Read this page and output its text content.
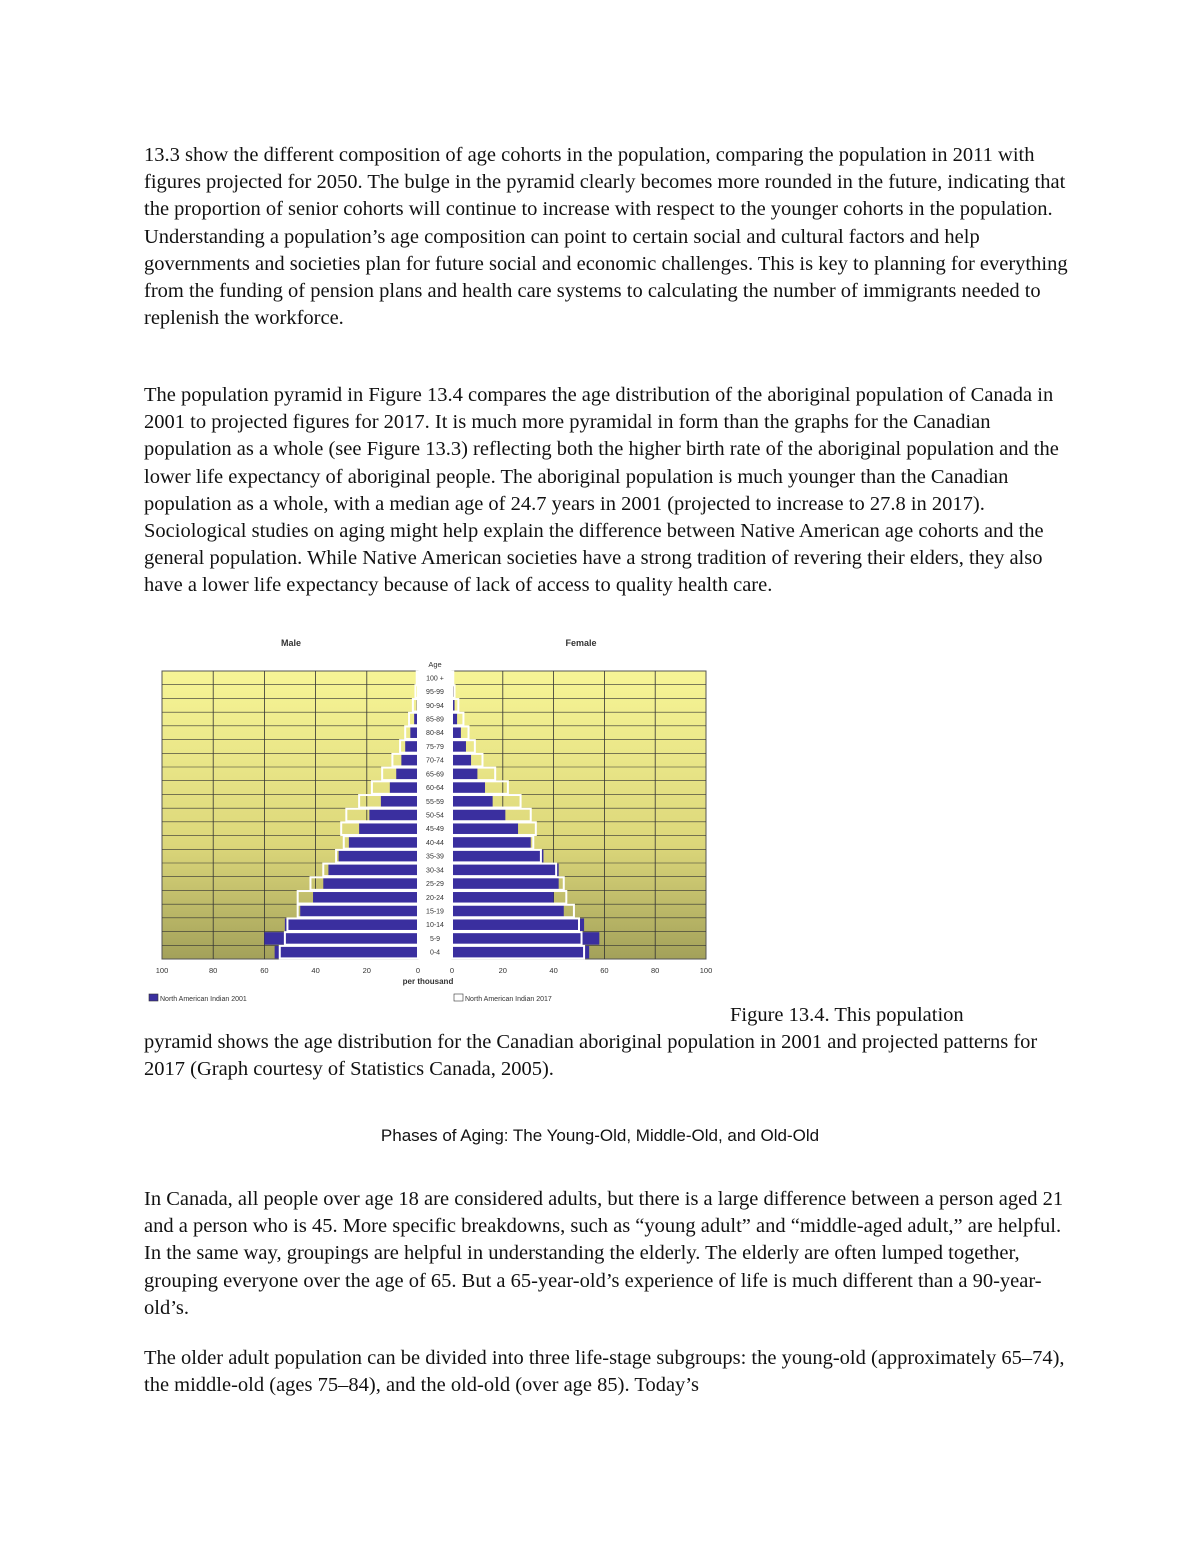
13.3 show the different composition of age cohorts in the population, comparing the population in 2011 with figures projected for 2050. The bulge in the pyramid clearly becomes more rounded in the future, indicating that the proportion of senior cohorts will continue to increase with respect to the younger cohorts in the population. Understanding a population’s age composition can point to certain social and cultural factors and help governments and societies plan for future social and economic challenges. This is key to planning for everything from the funding of pension plans and health care systems to calculating the number of immigrants needed to replenish the workforce.

The population pyramid in Figure 13.4 compares the age distribution of the aboriginal population of Canada in 2001 to projected figures for 2017. It is much more pyramidal in form than the graphs for the Canadian population as a whole (see Figure 13.3) reflecting both the higher birth rate of the aboriginal population and the lower life expectancy of aboriginal people. The aboriginal population is much younger than the Canadian population as a whole, with a median age of 24.7 years in 2001 (projected to increase to 27.8 in 2017). Sociological studies on aging might help explain the difference between Native American age cohorts and the general population. While Native American societies have a strong tradition of revering their elders, they also have a lower life expectancy because of lack of access to quality health care.

100 +
95-99
90-94
85-89
80-84
75-79
70-74
65-69
60-64
55-59
50-54
45-49
40-44
35-39
30-34
25-29
20-24
15-19
10-14
5-9
0-4
100	80	60	40	20	0	0	20	40	60	80	100
Male	Female
Age
per thousand
North American Indian 2001	North American Indian 2017

Figure 13.4. This population
pyramid shows the age distribution for the Canadian aboriginal population in 2001 and projected patterns for 2017 (Graph courtesy of Statistics Canada, 2005).

Phases of Aging: The Young-Old, Middle-Old, and Old-Old

In Canada, all people over age 18 are considered adults, but there is a large difference between a person aged 21 and a person who is 45. More specific breakdowns, such as “young adult” and “middle-aged adult,” are helpful. In the same way, groupings are helpful in understanding the elderly. The elderly are often lumped together, grouping everyone over the age of 65. But a 65-year-old’s experience of life is much different than a 90-year-old’s.

The older adult population can be divided into three life-stage subgroups: the young-old (approximately 65–74), the middle-old (ages 75–84), and the old-old (over age 85). Today’s
